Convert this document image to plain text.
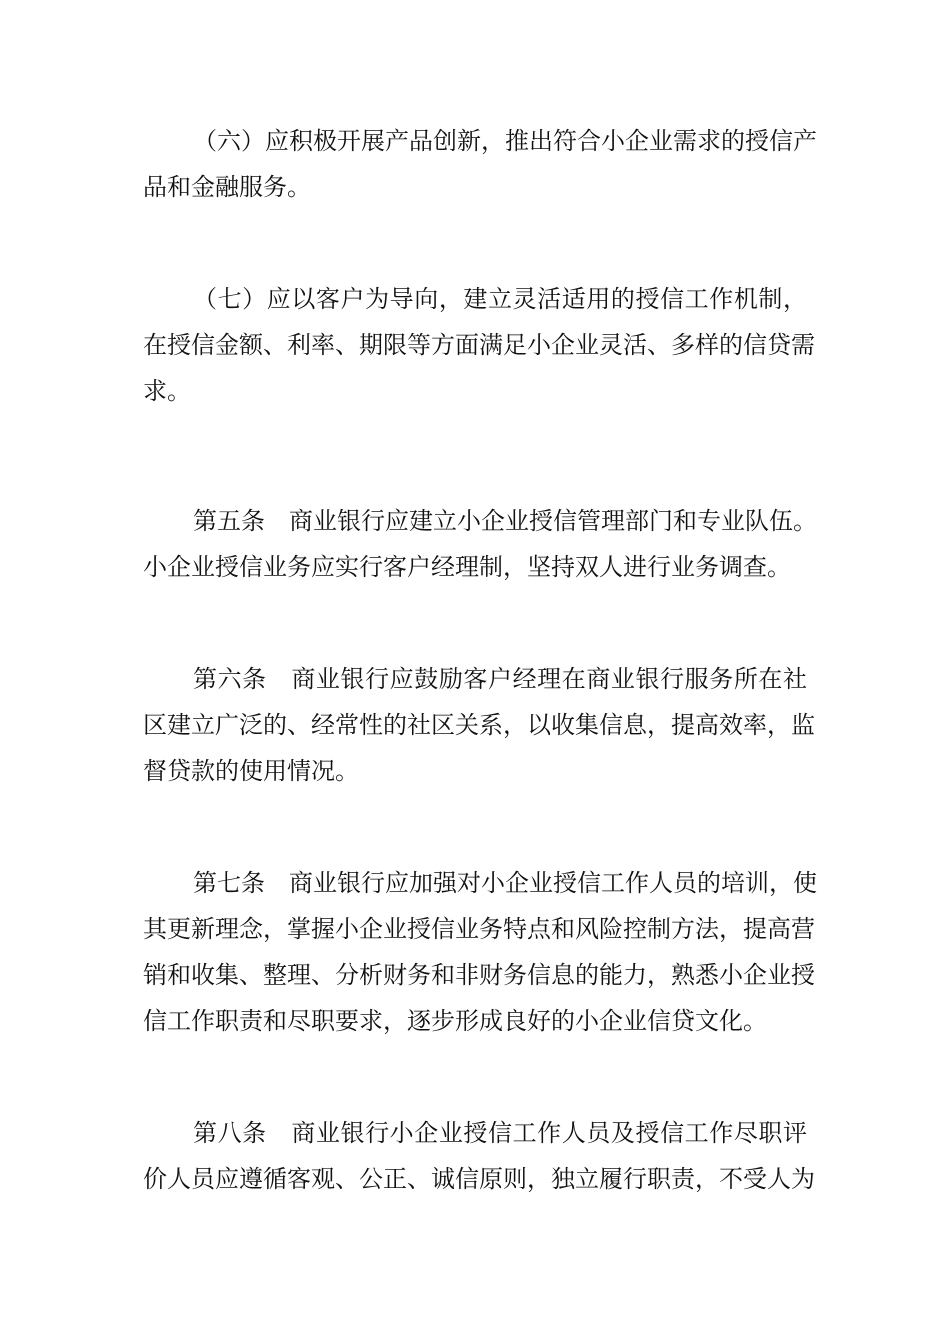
（六）应积极开展产品创新，推出符合小企业需求的授信产
品和金融服务。
（七）应以客户为导向，建立灵活适用的授信工作机制，
在授信金额、利率、期限等方面满足小企业灵活、多样的信贷需
求。
第五条　商业银行应建立小企业授信管理部门和专业队伍。
小企业授信业务应实行客户经理制，坚持双人进行业务调查。
第六条　商业银行应鼓励客户经理在商业银行服务所在社
区建立广泛的、经常性的社区关系，以收集信息，提高效率，监
督贷款的使用情况。
第七条　商业银行应加强对小企业授信工作人员的培训，使
其更新理念，掌握小企业授信业务特点和风险控制方法，提高营
销和收集、整理、分析财务和非财务信息的能力，熟悉小企业授
信工作职责和尽职要求，逐步形成良好的小企业信贷文化。
第八条　商业银行小企业授信工作人员及授信工作尽职评
价人员应遵循客观、公正、诚信原则，独立履行职责，不受人为
